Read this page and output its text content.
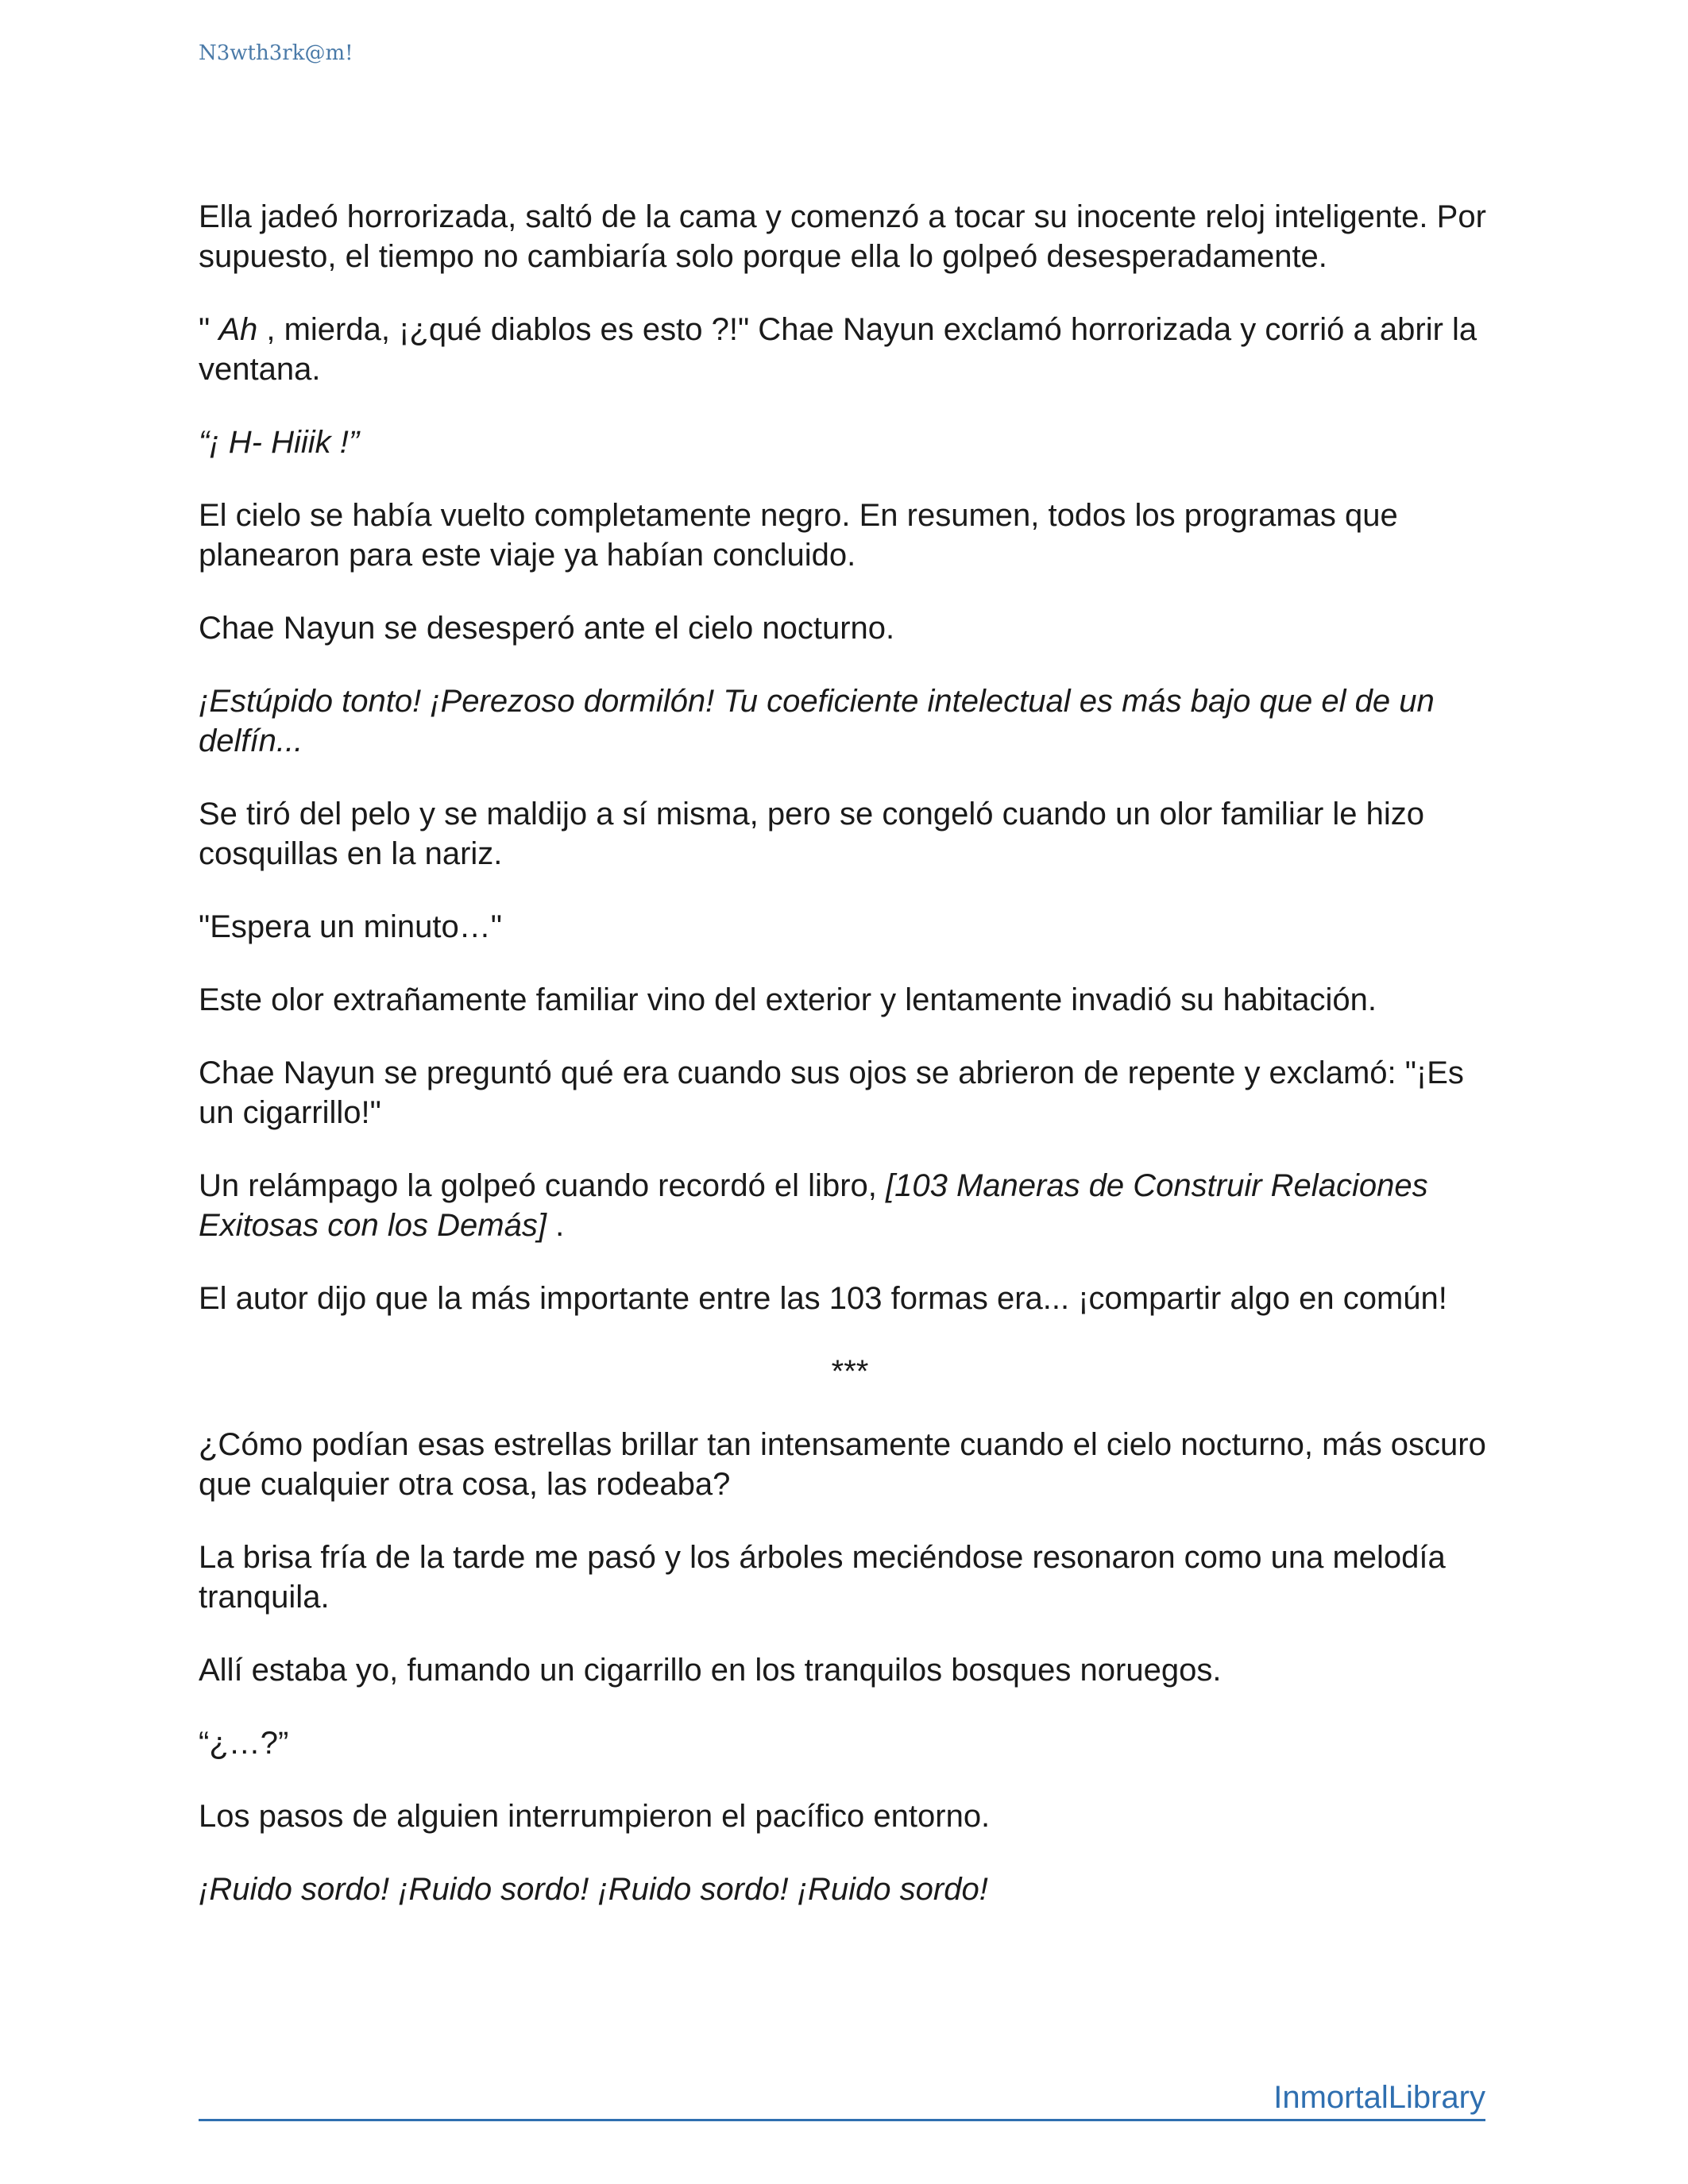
N3wth3rk@m!

Ella jadeó horrorizada, saltó de la cama y comenzó a tocar su inocente reloj inteligente. Por supuesto, el tiempo no cambiaría solo porque ella lo golpeó desesperadamente.

" Ah , mierda, ¡¿qué diablos es esto ?!" Chae Nayun exclamó horrorizada y corrió a abrir la ventana.

“¡ H- Hiiik !”

El cielo se había vuelto completamente negro. En resumen, todos los programas que planearon para este viaje ya habían concluido.

Chae Nayun se desesperó ante el cielo nocturno.

¡Estúpido tonto! ¡Perezoso dormilón! Tu coeficiente intelectual es más bajo que el de un delfín...

Se tiró del pelo y se maldijo a sí misma, pero se congeló cuando un olor familiar le hizo cosquillas en la nariz.

"Espera un minuto…"

Este olor extrañamente familiar vino del exterior y lentamente invadió su habitación.

Chae Nayun se preguntó qué era cuando sus ojos se abrieron de repente y exclamó: "¡Es un cigarrillo!"

Un relámpago la golpeó cuando recordó el libro, [103 Maneras de Construir Relaciones Exitosas con los Demás] .

El autor dijo que la más importante entre las 103 formas era... ¡compartir algo en común!

***

¿Cómo podían esas estrellas brillar tan intensamente cuando el cielo nocturno, más oscuro que cualquier otra cosa, las rodeaba?

La brisa fría de la tarde me pasó y los árboles meciéndose resonaron como una melodía tranquila.

Allí estaba yo, fumando un cigarrillo en los tranquilos bosques noruegos.

“¿…?”

Los pasos de alguien interrumpieron el pacífico entorno.

¡Ruido sordo! ¡Ruido sordo! ¡Ruido sordo! ¡Ruido sordo!

InmortalLibrary
